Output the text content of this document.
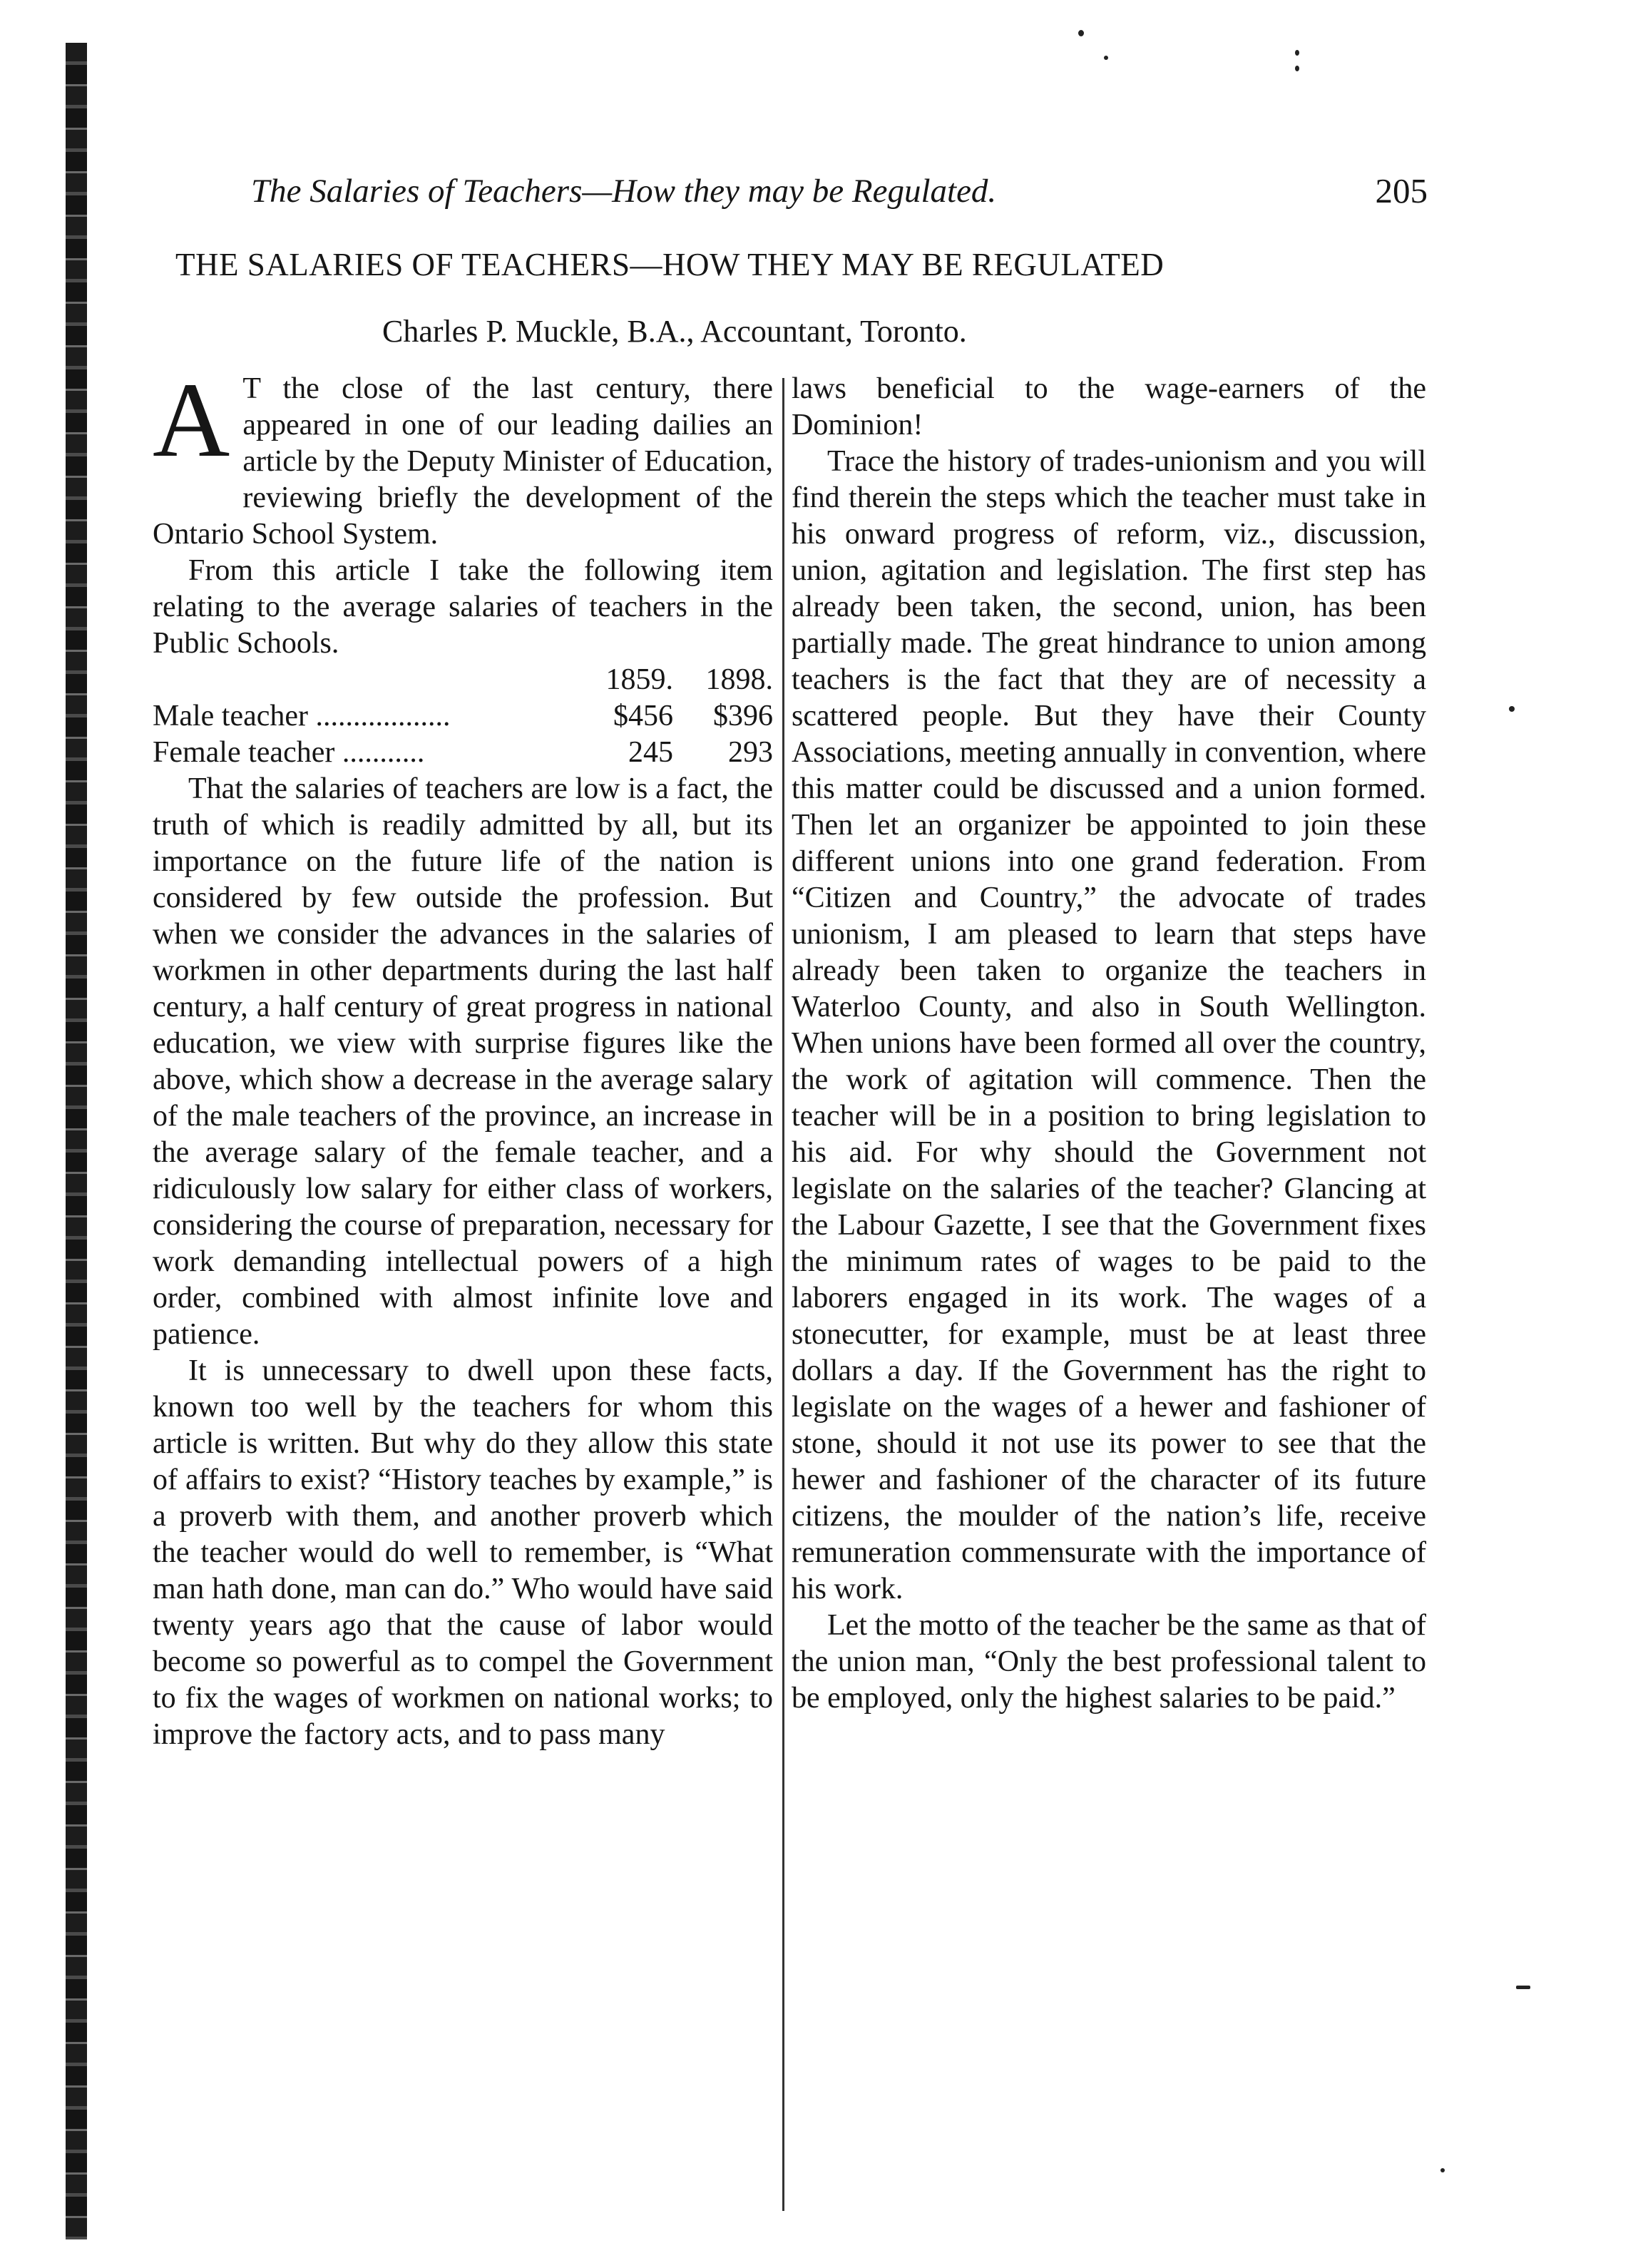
The Salaries of Teachers—How they may be Regulated.	205
THE SALARIES OF TEACHERS—HOW THEY MAY BE REGULATED
Charles P. Muckle, B.A., Accountant, Toronto.

A T the close of the last century, there appeared in one of our leading dailies an article by the Deputy Minister of Education, reviewing briefly the development of the Ontario School System.

From this article I take the following item relating to the average salaries of teachers in the Public Schools.

	1859.	1898.
Male teacher ..................	$456	$396
Female teacher ...........	245	293

That the salaries of teachers are low is a fact, the truth of which is readily admitted by all, but its importance on the future life of the nation is considered by few outside the profession. But when we consider the advances in the salaries of workmen in other departments during the last half century, a half century of great progress in national education, we view with surprise figures like the above, which show a decrease in the average salary of the male teachers of the province, an increase in the average salary of the female teacher, and a ridiculously low salary for either class of workers, considering the course of preparation, necessary for work demanding intellectual powers of a high order, combined with almost infinite love and patience.

It is unnecessary to dwell upon these facts, known too well by the teachers for whom this article is written. But why do they allow this state of affairs to exist? “History teaches by example,” is a proverb with them, and another proverb which the teacher would do well to remember, is “What man hath done, man can do.” Who would have said twenty years ago that the cause of labor would become so powerful as to compel the Government to fix the wages of workmen on national works; to improve the factory acts, and to pass many

laws beneficial to the wage-earners of the Dominion!

Trace the history of trades-unionism and you will find therein the steps which the teacher must take in his onward progress of reform, viz., discussion, union, agitation and legislation. The first step has already been taken, the second, union, has been partially made. The great hindrance to union among teachers is the fact that they are of necessity a scattered people. But they have their County Associations, meeting annually in convention, where this matter could be discussed and a union formed. Then let an organizer be appointed to join these different unions into one grand federation. From “Citizen and Country,” the advocate of trades unionism, I am pleased to learn that steps have already been taken to organize the teachers in Waterloo County, and also in South Wellington. When unions have been formed all over the country, the work of agitation will commence. Then the teacher will be in a position to bring legislation to his aid. For why should the Government not legislate on the salaries of the teacher? Glancing at the Labour Gazette, I see that the Government fixes the minimum rates of wages to be paid to the laborers engaged in its work. The wages of a stonecutter, for example, must be at least three dollars a day. If the Government has the right to legislate on the wages of a hewer and fashioner of stone, should it not use its power to see that the hewer and fashioner of the character of its future citizens, the moulder of the nation’s life, receive remuneration commensurate with the importance of his work.

Let the motto of the teacher be the same as that of the union man, “Only the best professional talent to be employed, only the highest salaries to be paid.”
